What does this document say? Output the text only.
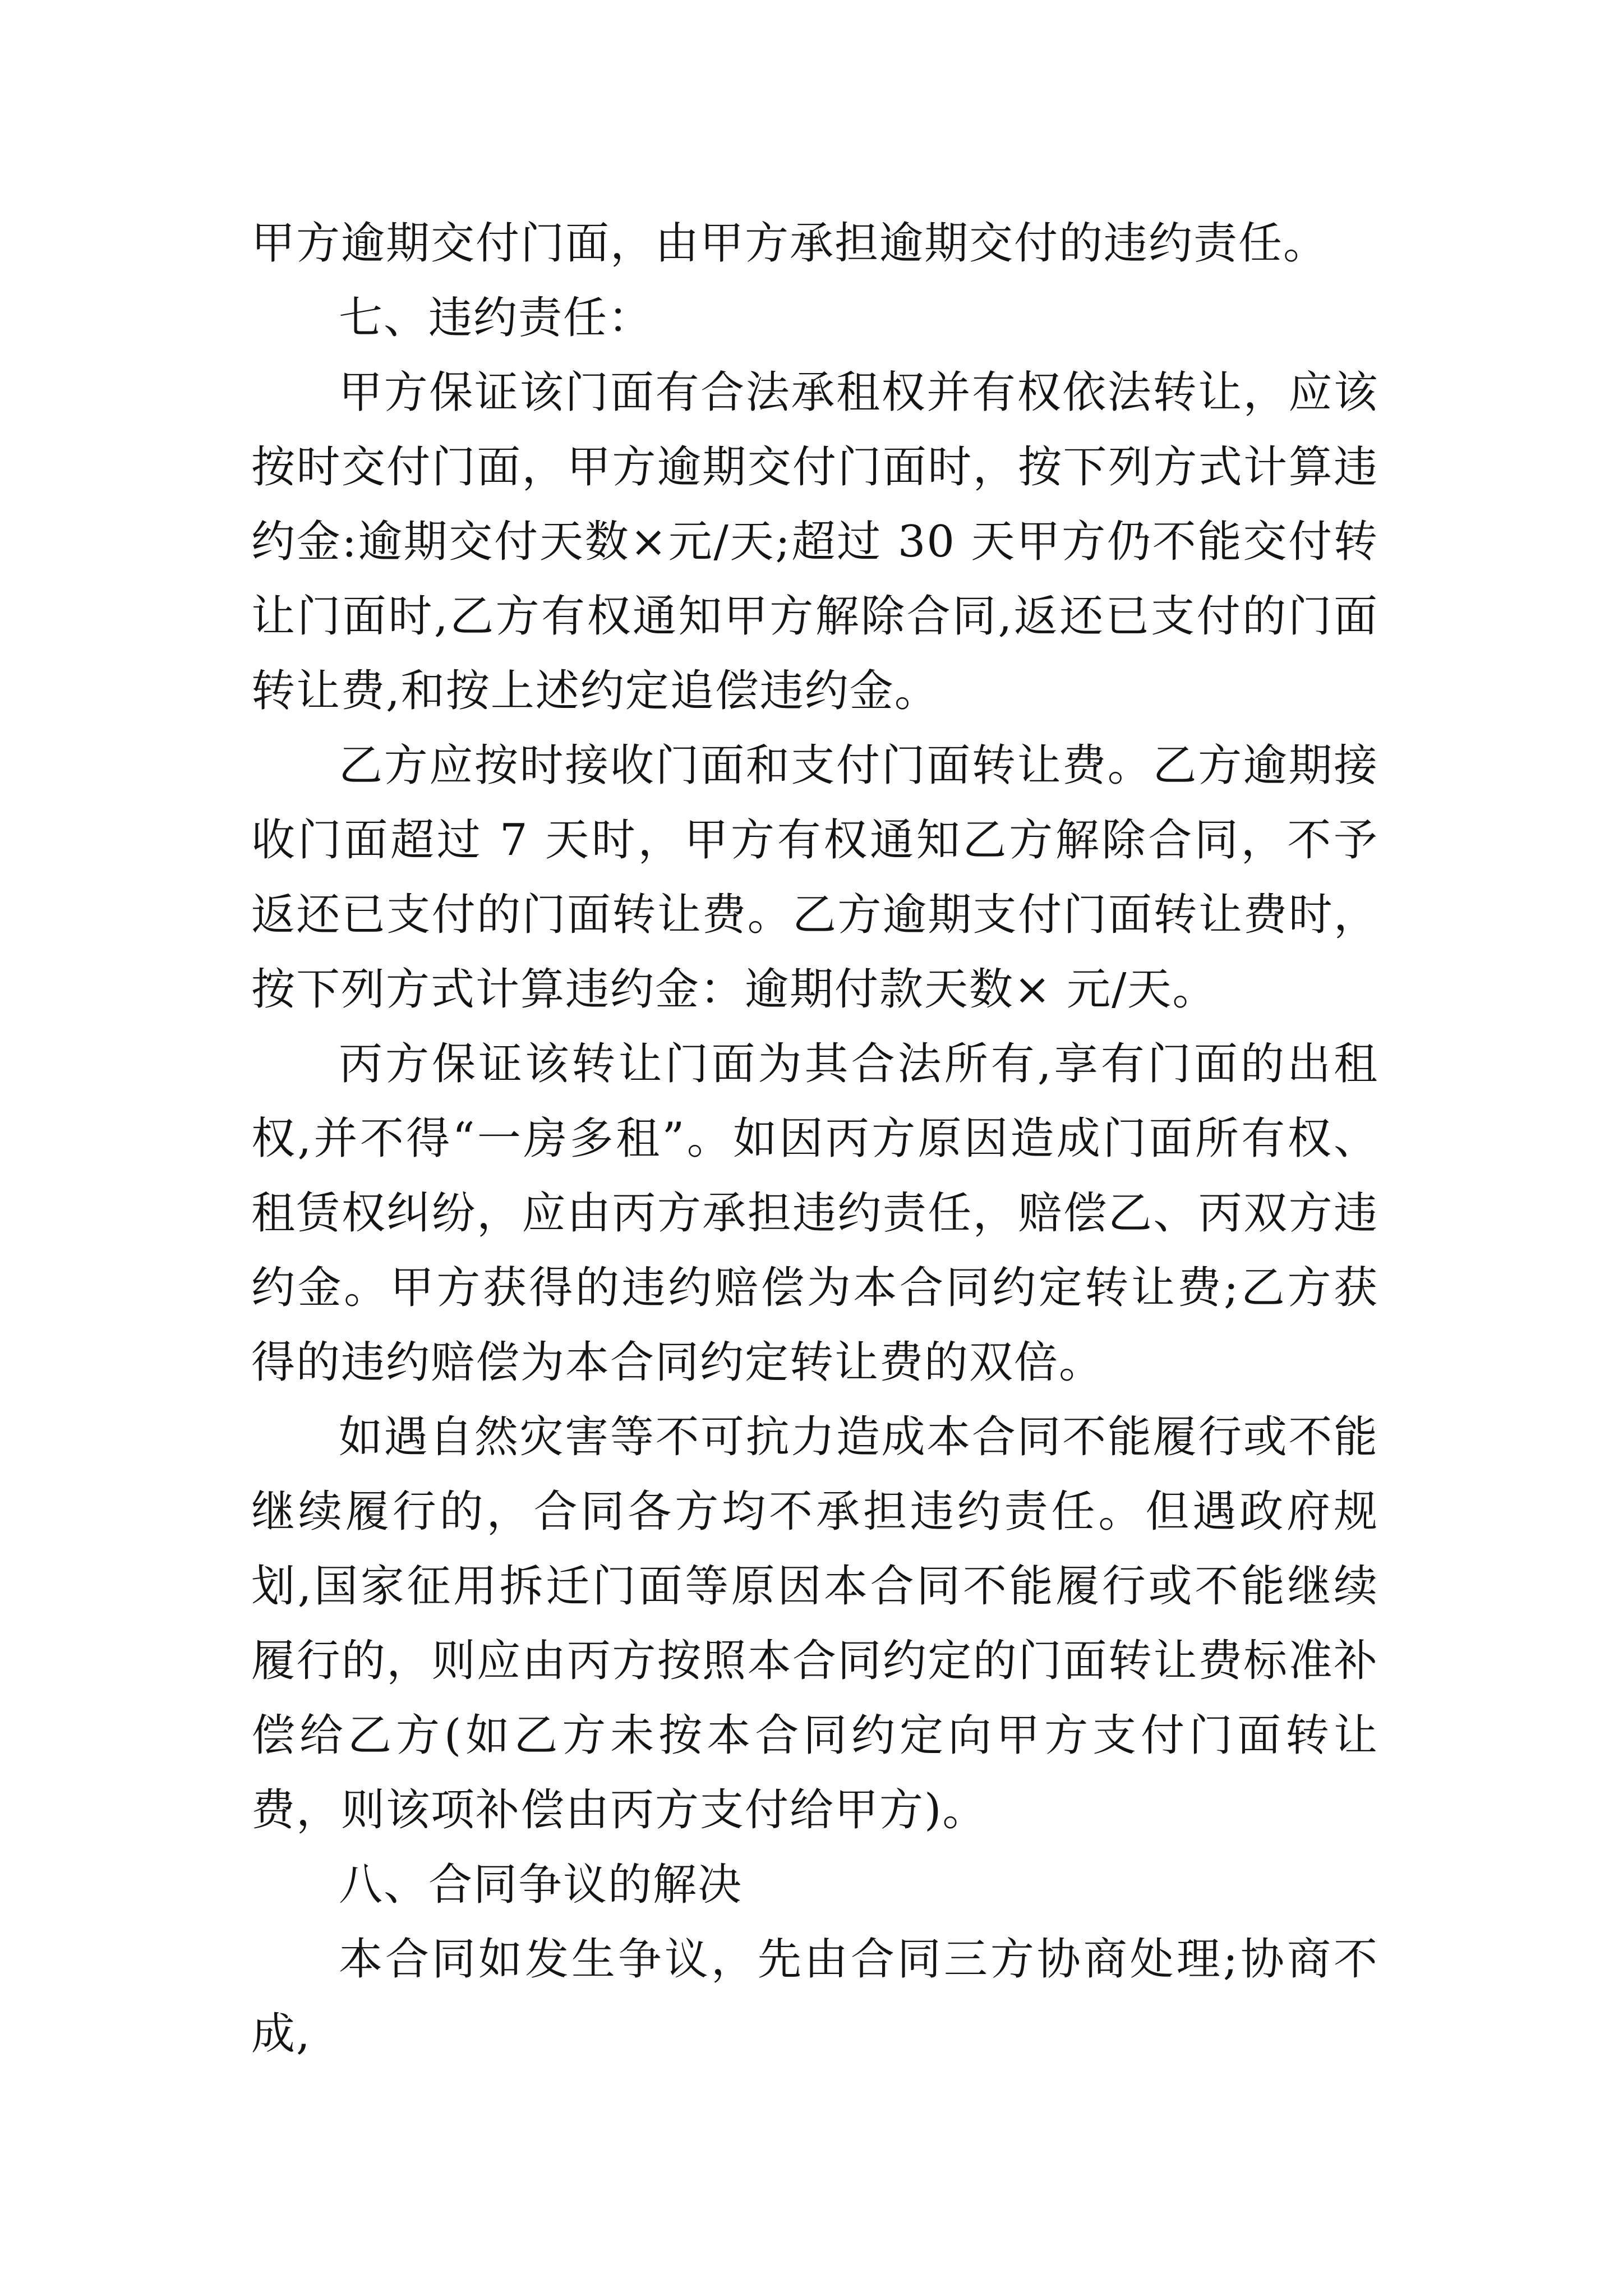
甲方逾期交付门面，由甲方承担逾期交付的违约责任。

七、违约责任：

甲方保证该门面有合法承租权并有权依法转让，应该按时交付门面，甲方逾期交付门面时，按下列方式计算违约金:逾期交付天数×元/天;超过 30 天甲方仍不能交付转让门面时,乙方有权通知甲方解除合同,返还已支付的门面转让费,和按上述约定追偿违约金。

乙方应按时接收门面和支付门面转让费。乙方逾期接收门面超过 7 天时，甲方有权通知乙方解除合同，不予返还已支付的门面转让费。乙方逾期支付门面转让费时，按下列方式计算违约金：逾期付款天数× 元/天。

丙方保证该转让门面为其合法所有,享有门面的出租权,并不得“一房多租”。如因丙方原因造成门面所有权、租赁权纠纷，应由丙方承担违约责任，赔偿乙、丙双方违约金。甲方获得的违约赔偿为本合同约定转让费;乙方获得的违约赔偿为本合同约定转让费的双倍。

如遇自然灾害等不可抗力造成本合同不能履行或不能继续履行的，合同各方均不承担违约责任。但遇政府规划,国家征用拆迁门面等原因本合同不能履行或不能继续履行的，则应由丙方按照本合同约定的门面转让费标准补偿给乙方(如乙方未按本合同约定向甲方支付门面转让费，则该项补偿由丙方支付给甲方)。

八、合同争议的解决

本合同如发生争议，先由合同三方协商处理;协商不成,
